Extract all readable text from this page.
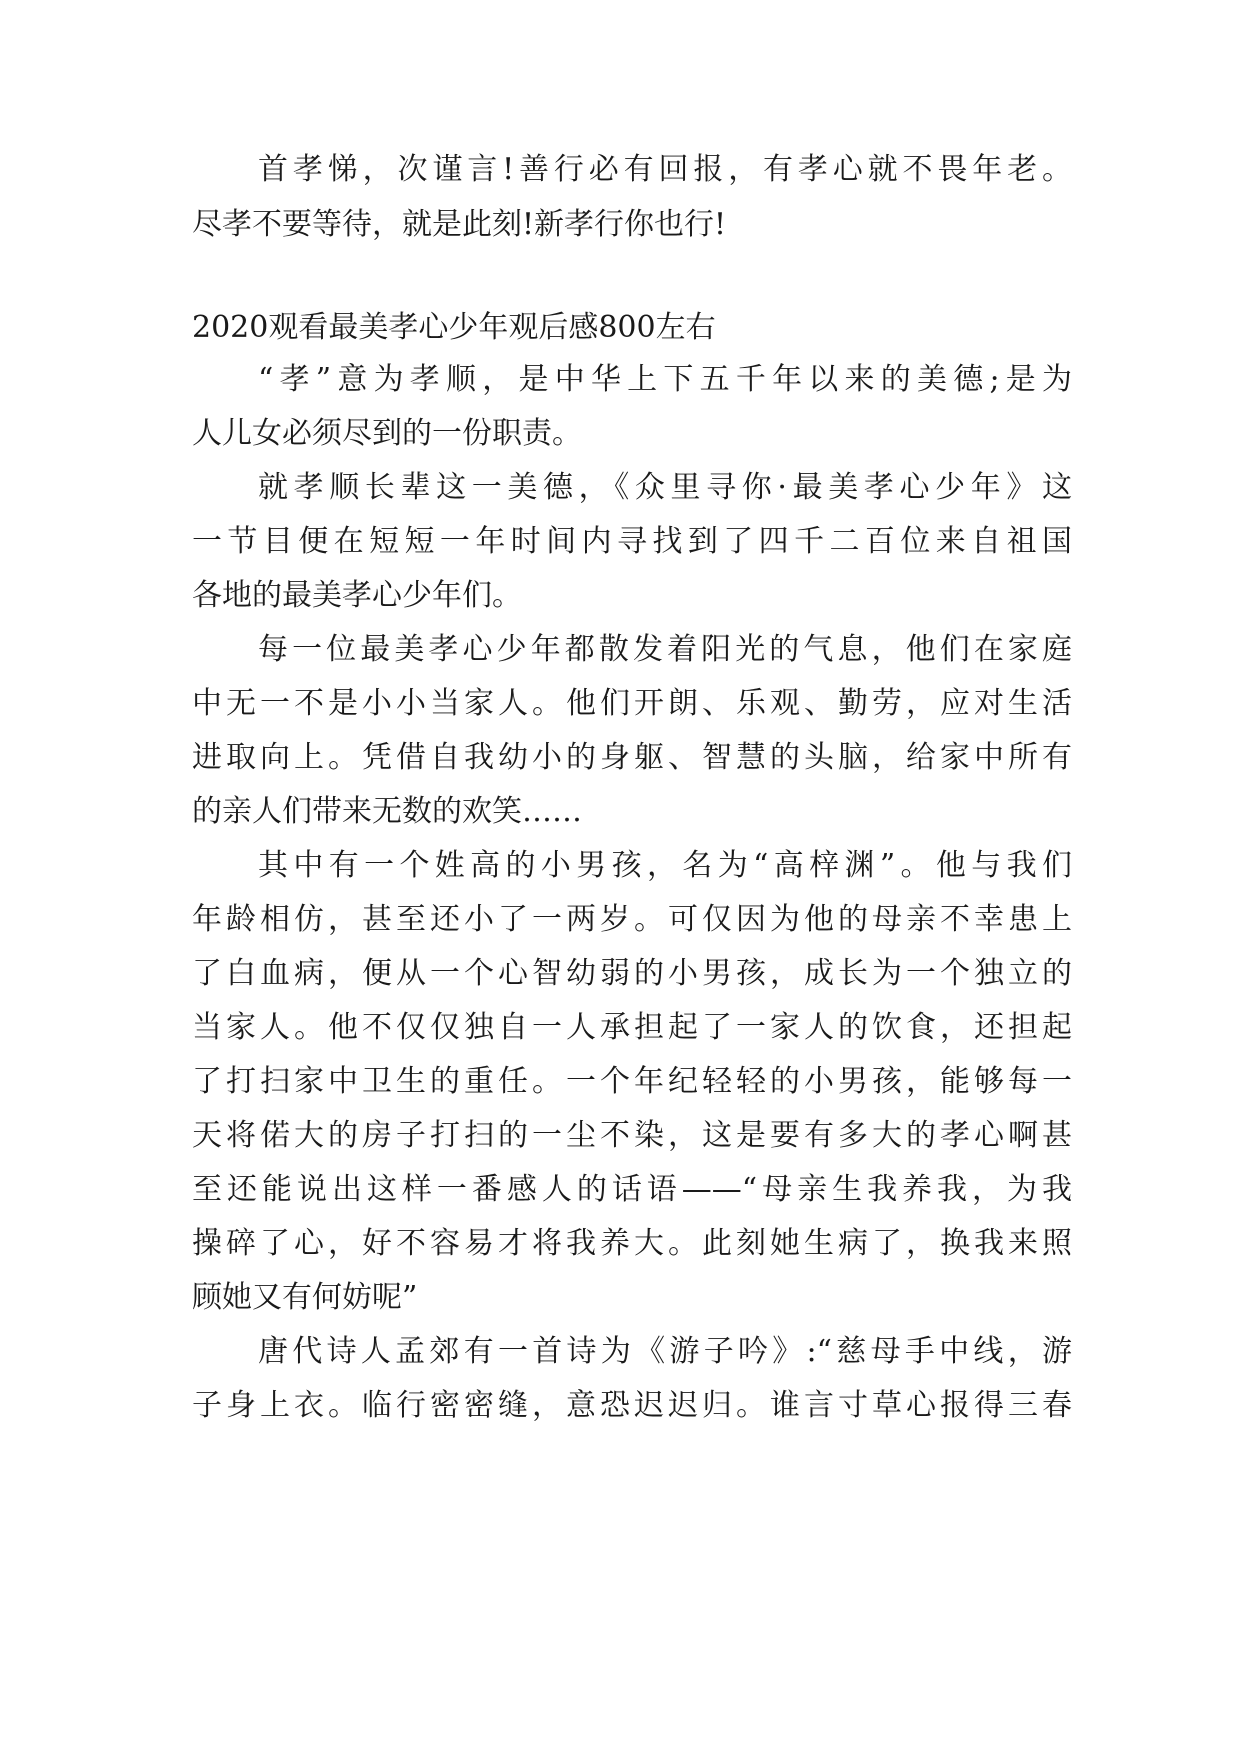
首孝悌，次谨言!善行必有回报，有孝心就不畏年老。
尽孝不要等待，就是此刻!新孝行你也行!
2020观看最美孝心少年观后感800左右
“孝”意为孝顺，是中华上下五千年以来的美德;是为
人儿女必须尽到的一份职责。
就孝顺长辈这一美德，《众里寻你·最美孝心少年》这
一节目便在短短一年时间内寻找到了四千二百位来自祖国
各地的最美孝心少年们。
每一位最美孝心少年都散发着阳光的气息，他们在家庭
中无一不是小小当家人。他们开朗、乐观、勤劳，应对生活
进取向上。凭借自我幼小的身躯、智慧的头脑，给家中所有
的亲人们带来无数的欢笑……
其中有一个姓高的小男孩，名为“高梓渊”。他与我们
年龄相仿，甚至还小了一两岁。可仅因为他的母亲不幸患上
了白血病，便从一个心智幼弱的小男孩，成长为一个独立的
当家人。他不仅仅独自一人承担起了一家人的饮食，还担起
了打扫家中卫生的重任。一个年纪轻轻的小男孩，能够每一
天将偌大的房子打扫的一尘不染，这是要有多大的孝心啊甚
至还能说出这样一番感人的话语——“母亲生我养我，为我
操碎了心，好不容易才将我养大。此刻她生病了，换我来照
顾她又有何妨呢”
唐代诗人孟郊有一首诗为《游子吟》:“慈母手中线，游
子身上衣。临行密密缝，意恐迟迟归。谁言寸草心报得三春
